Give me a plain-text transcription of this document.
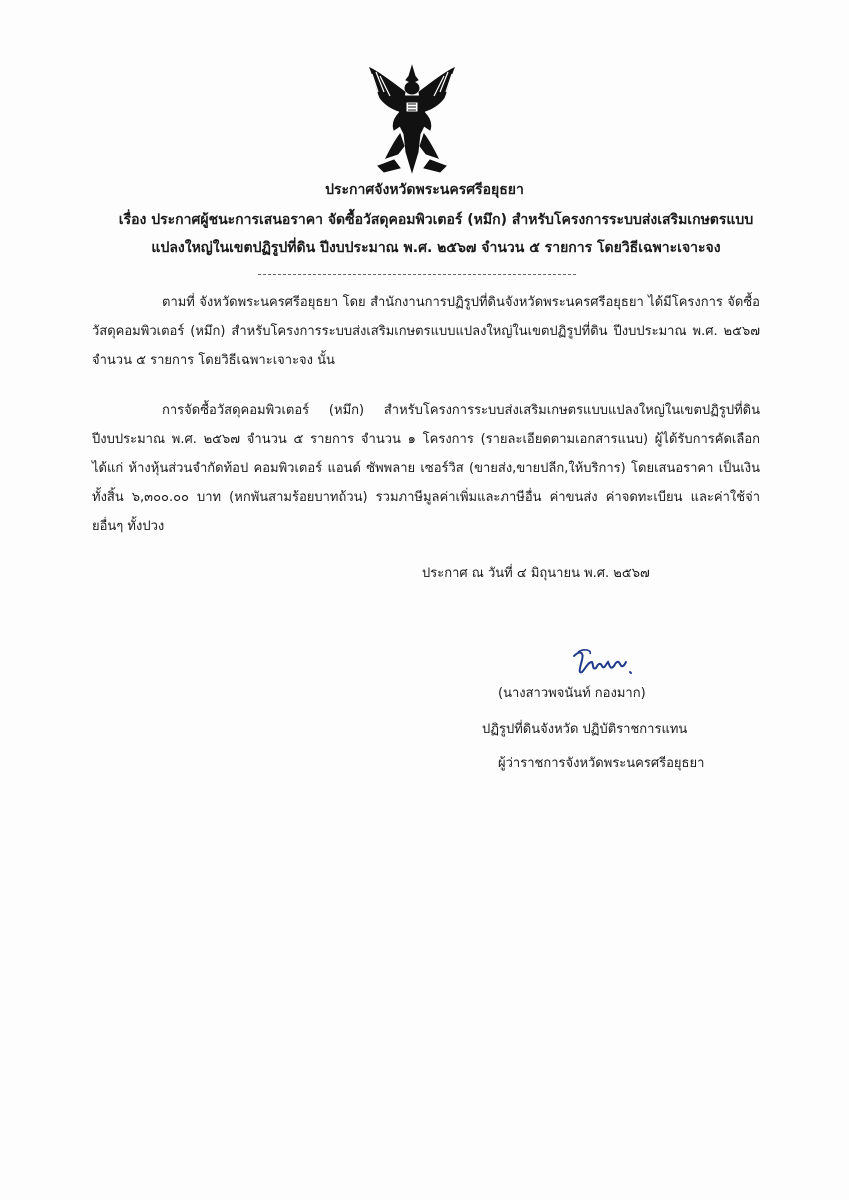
ประกาศจังหวัดพระนครศรีอยุธยา
เรื่อง ประกาศผู้ชนะการเสนอราคา จัดซื้อวัสดุคอมพิวเตอร์ (หมึก) สำหรับโครงการระบบส่งเสริมเกษตรแบบ
แปลงใหญ่ในเขตปฏิรูปที่ดิน ปีงบประมาณ พ.ศ. ๒๕๖๗ จำนวน ๕ รายการ โดยวิธีเฉพาะเจาะจง

ตามที่ จังหวัดพระนครศรีอยุธยา โดย สำนักงานการปฏิรูปที่ดินจังหวัดพระนครศรีอยุธยา ได้มีโครงการ จัดซื้อวัสดุคอมพิวเตอร์ (หมึก) สำหรับโครงการระบบส่งเสริมเกษตรแบบแปลงใหญ่ในเขตปฏิรูปที่ดิน ปีงบประมาณ พ.ศ. ๒๕๖๗ จำนวน ๕ รายการ โดยวิธีเฉพาะเจาะจง นั้น

การจัดซื้อวัสดุคอมพิวเตอร์ (หมึก) สำหรับโครงการระบบส่งเสริมเกษตรแบบแปลงใหญ่ในเขตปฏิรูปที่ดิน ปีงบประมาณ พ.ศ. ๒๕๖๗ จำนวน ๕ รายการ จำนวน ๑ โครงการ (รายละเอียดตามเอกสารแนบ) ผู้ได้รับการคัดเลือก ได้แก่ ห้างหุ้นส่วนจำกัดท้อป คอมพิวเตอร์ แอนด์ ซัพพลาย เซอร์วิส (ขายส่ง,ขายปลีก,ให้บริการ) โดยเสนอราคา เป็นเงินทั้งสิ้น ๖,๓๐๐.๐๐ บาท (หกพันสามร้อยบาทถ้วน) รวมภาษีมูลค่าเพิ่มและภาษีอื่น ค่าขนส่ง ค่าจดทะเบียน และค่าใช้จ่ายอื่นๆ ทั้งปวง

ประกาศ ณ วันที่ ๔ มิถุนายน พ.ศ. ๒๕๖๗
(นางสาวพจนันท์ กองมาก)
ปฏิรูปที่ดินจังหวัด ปฏิบัติราชการแทน
ผู้ว่าราชการจังหวัดพระนครศรีอยุธยา
